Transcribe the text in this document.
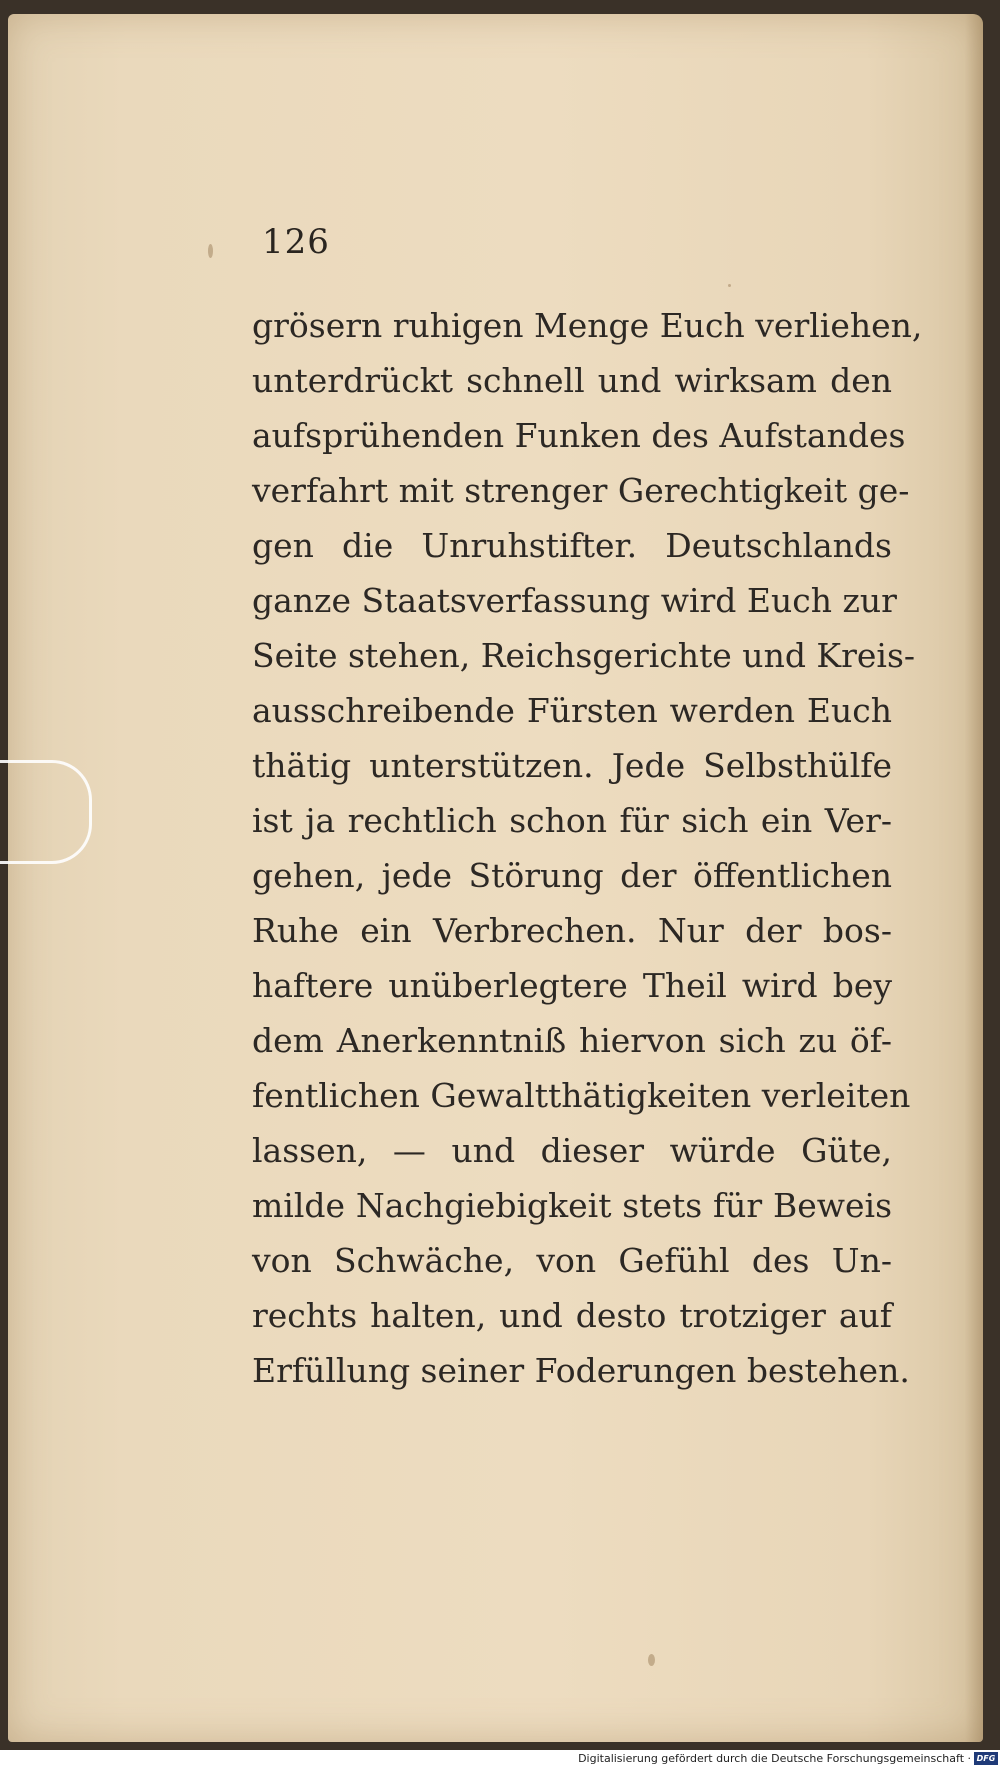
126
grösern ruhigen Menge Euch verliehen,
unterdrückt schnell und wirksam den
aufsprühenden Funken des Aufstandes
verfahrt mit strenger Gerechtigkeit ge-
gen die Unruhstifter. Deutschlands
ganze Staatsverfassung wird Euch zur
Seite stehen, Reichsgerichte und Kreis-
ausschreibende Fürsten werden Euch
thätig unterstützen. Jede Selbsthülfe
ist ja rechtlich schon für sich ein Ver-
gehen, jede Störung der öffentlichen
Ruhe ein Verbrechen. Nur der bos-
haftere unüberlegtere Theil wird bey
dem Anerkenntniß hiervon sich zu öf-
fentlichen Gewaltthätigkeiten verleiten
lassen, — und dieser würde Güte,
milde Nachgiebigkeit stets für Beweis
von Schwäche, von Gefühl des Un-
rechts halten, und desto trotziger auf
Erfüllung seiner Foderungen bestehen.
Digitalisierung gefördert durch die Deutsche Forschungsgemeinschaft · DFG
